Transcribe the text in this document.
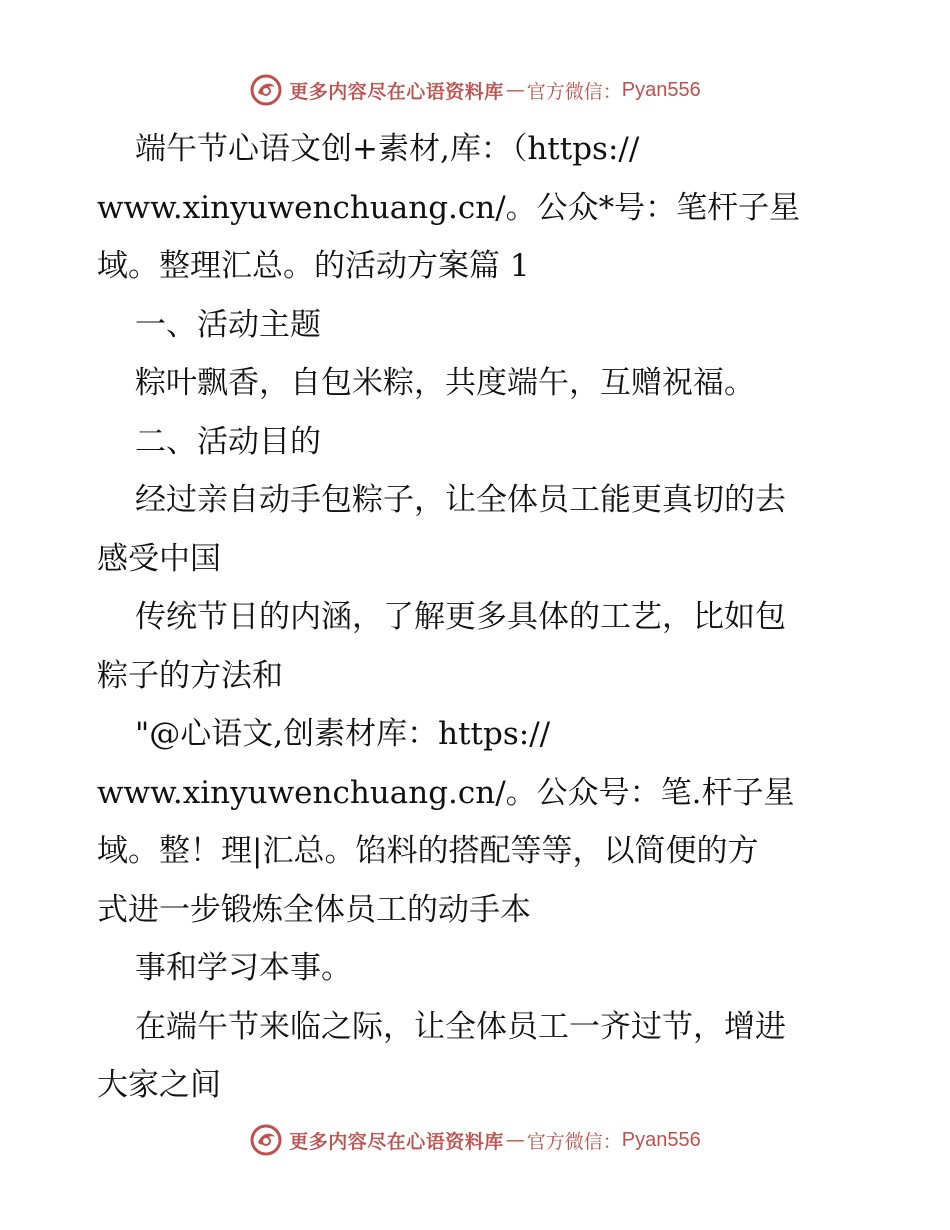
更多内容尽在心语资料库 — 官方微信： Pyan556
端午节心语文创+素材,库：（https://
www.xinyuwenchuang.cn/。公众*号：笔杆子星
域。整理汇总。的活动方案篇 1
一、活动主题
粽叶飘香，自包米粽，共度端午，互赠祝福。
二、活动目的
经过亲自动手包粽子，让全体员工能更真切的去
感受中国
传统节日的内涵，了解更多具体的工艺，比如包
粽子的方法和
"@心语文,创素材库：https://
www.xinyuwenchuang.cn/。公众号：笔.杆子星
域。整！理|汇总。馅料的搭配等等，以简便的方
式进一步锻炼全体员工的动手本
事和学习本事。
在端午节来临之际，让全体员工一齐过节，增进
大家之间
更多内容尽在心语资料库 — 官方微信： Pyan556
